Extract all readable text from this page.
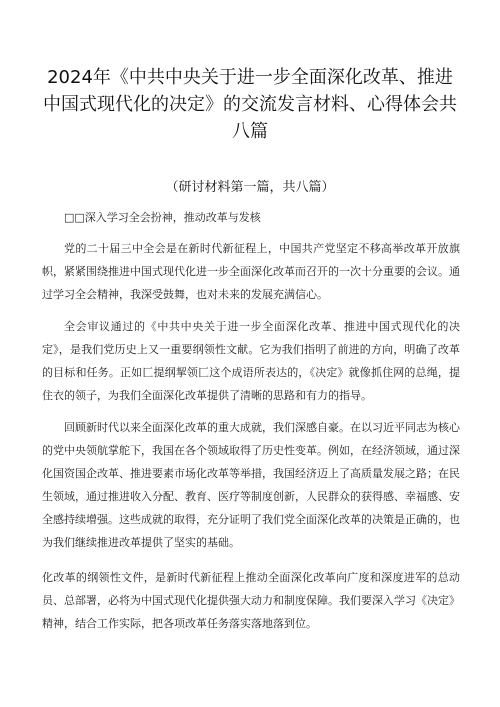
2024年《中共中央关于进一步全面深化改革、推进中国式现代化的决定》的交流发言材料、心得体会共八篇
（研讨材料第一篇，共八篇）

□□深入学习全会扮神，推动改革与发核

党的二十届三中全会是在新时代新征程上，中国共产党坚定不移高举改革开放旗帜，紧紧围绕推进中国式现代化进一步全面深化改革而召开的一次十分重要的会议。通过学习全会精神，我深受鼓舞，也对未来的发展充满信心。

全会审议通过的《中共中央关于进一步全面深化改革、推进中国式现代化的决定》，是我们党历史上又一重要纲领性文献。它为我们指明了前进的方向，明确了改革的目标和任务。正如匚提纲挈领匚这个成语所表达的，《决定》就像抓住网的总绳，提住衣的领子，为我们全面深化改革提供了清晰的思路和有力的指导。

回顾新时代以来全面深化改革的重大成就，我们深感自豪。在以习近平同志为核心的党中央领航掌舵下，我国在各个领域取得了历史性变革。例如，在经济领域，通过深化国资国企改革、推进要素市场化改革等举措，我国经济迈上了高质量发展之路；在民生领域，通过推进收入分配、教育、医疗等制度创新，人民群众的获得感、幸福感、安全感持续增强。这些成就的取得，充分证明了我们党全面深化改革的决策是正确的，也为我们继续推进改革提供了坚实的基础。

化改革的纲领性文件，是新时代新征程上推动全面深化改革向广度和深度进军的总动员、总部署，必将为中国式现代化提供强大动力和制度保障。我们要深入学习《决定》精神，结合工作实际，把各项改革任务落实落地落到位。
